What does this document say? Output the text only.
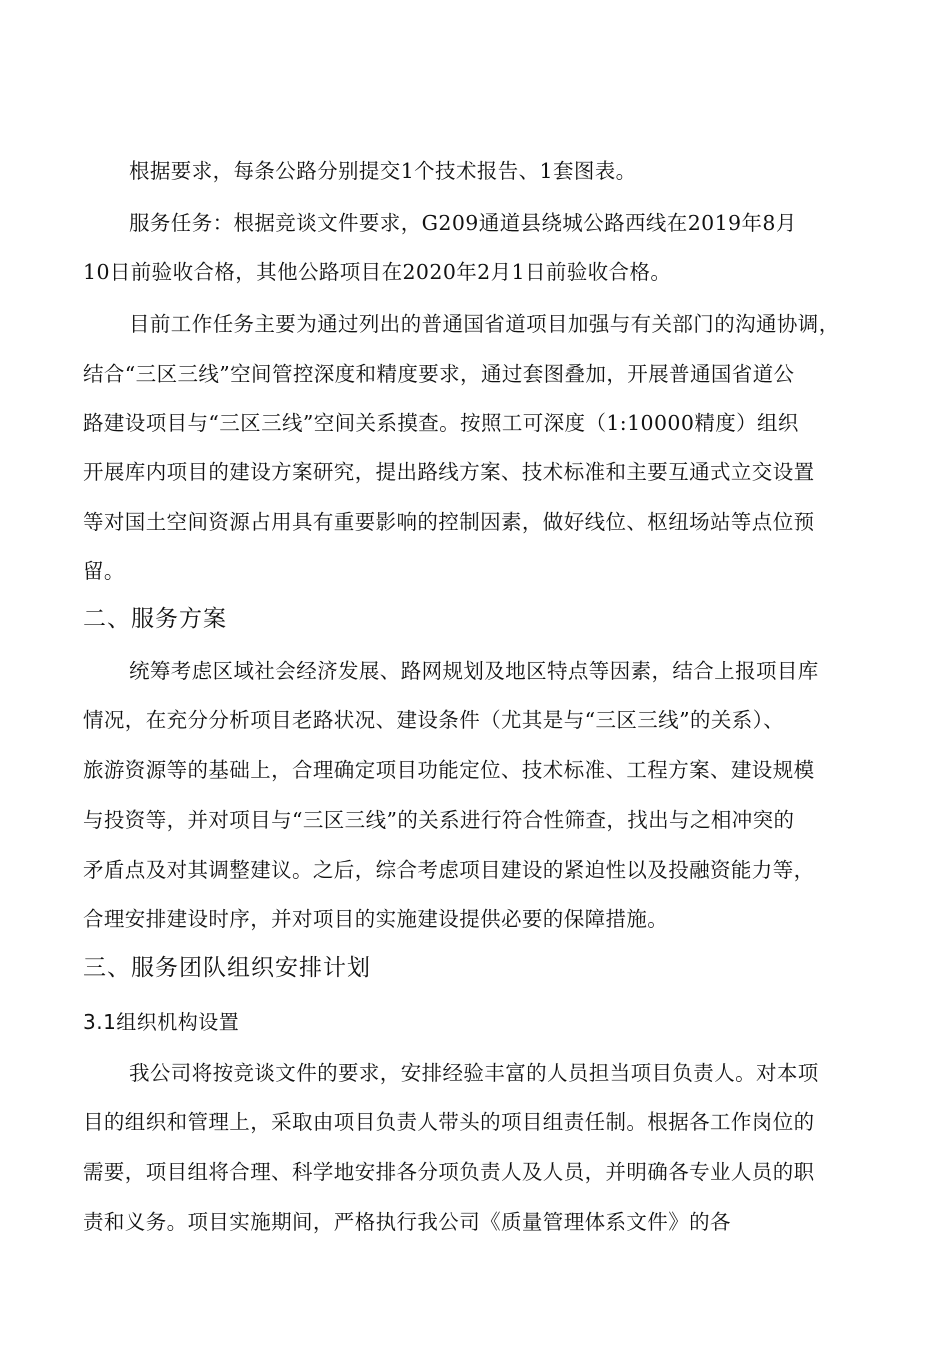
根据要求，每条公路分别提交1个技术报告、1套图表。
服务任务：根据竞谈文件要求，G209通道县绕城公路西线在2019年8月
10日前验收合格，其他公路项目在2020年2月1日前验收合格。
目前工作任务主要为通过列出的普通国省道项目加强与有关部门的沟通协调，
结合“三区三线”空间管控深度和精度要求，通过套图叠加，开展普通国省道公
路建设项目与“三区三线”空间关系摸查。按照工可深度（1:10000精度）组织
开展库内项目的建设方案研究，提出路线方案、技术标准和主要互通式立交设置
等对国土空间资源占用具有重要影响的控制因素，做好线位、枢纽场站等点位预
留。
二、服务方案
统筹考虑区域社会经济发展、路网规划及地区特点等因素，结合上报项目库
情况，在充分分析项目老路状况、建设条件（尤其是与“三区三线”的关系）、
旅游资源等的基础上，合理确定项目功能定位、技术标准、工程方案、建设规模
与投资等，并对项目与“三区三线”的关系进行符合性筛查，找出与之相冲突的
矛盾点及对其调整建议。之后，综合考虑项目建设的紧迫性以及投融资能力等，
合理安排建设时序，并对项目的实施建设提供必要的保障措施。
三、服务团队组织安排计划
3.1组织机构设置
我公司将按竞谈文件的要求，安排经验丰富的人员担当项目负责人。对本项
目的组织和管理上，采取由项目负责人带头的项目组责任制。根据各工作岗位的
需要，项目组将合理、科学地安排各分项负责人及人员，并明确各专业人员的职
责和义务。项目实施期间，严格执行我公司《质量管理体系文件》的各
